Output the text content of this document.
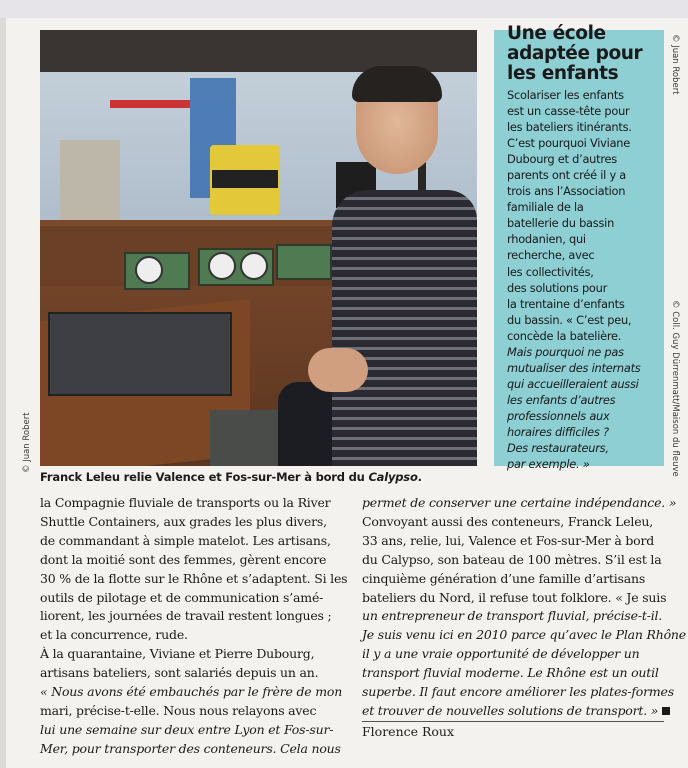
© Juan Robert
Franck Leleu relie Valence et Fos-sur-Mer à bord du Calypso.
Une école
adaptée pour
les enfants
Scolariser les enfants
est un casse-tête pour
les bateliers itinérants.
C’est pourquoi Viviane
Dubourg et d’autres
parents ont créé il y a
trois ans l’Association
familiale de la
batellerie du bassin
rhodanien, qui
recherche, avec
les collectivités,
des solutions pour
la trentaine d’enfants
du bassin. « C’est peu,
concède la batelière.
Mais pourquoi ne pas
mutualiser des internats
qui accueilleraient aussi
les enfants d’autres
professionnels aux
horaires difficiles ?
Des restaurateurs,
par exemple. »
© Juan Robert
© Coll. Guy Dürrenmatt/Maison du fleuve
la Compagnie fluviale de transports ou la River
Shuttle Containers, aux grades les plus divers,
de commandant à simple matelot. Les artisans,
dont la moitié sont des femmes, gèrent encore
30 % de la flotte sur le Rhône et s’adaptent. Si les
outils de pilotage et de communication s’amé-
liorent, les journées de travail restent longues ;
et la concurrence, rude.
À la quarantaine, Viviane et Pierre Dubourg,
artisans bateliers, sont salariés depuis un an.
« Nous avons été embauchés par le frère de mon
mari, précise-t-elle. Nous nous relayons avec
lui une semaine sur deux entre Lyon et Fos-sur-
Mer, pour transporter des conteneurs. Cela nous
permet de conserver une certaine indépendance. »
Convoyant aussi des conteneurs, Franck Leleu,
33 ans, relie, lui, Valence et Fos-sur-Mer à bord
du Calypso, son bateau de 100 mètres. S’il est la
cinquième génération d’une famille d’artisans
bateliers du Nord, il refuse tout folklore. « Je suis
un entrepreneur de transport fluvial, précise-t-il.
Je suis venu ici en 2010 parce qu’avec le Plan Rhône
il y a une vraie opportunité de développer un
transport fluvial moderne. Le Rhône est un outil
superbe. Il faut encore améliorer les plates-formes
et trouver de nouvelles solutions de transport. »
Florence Roux
